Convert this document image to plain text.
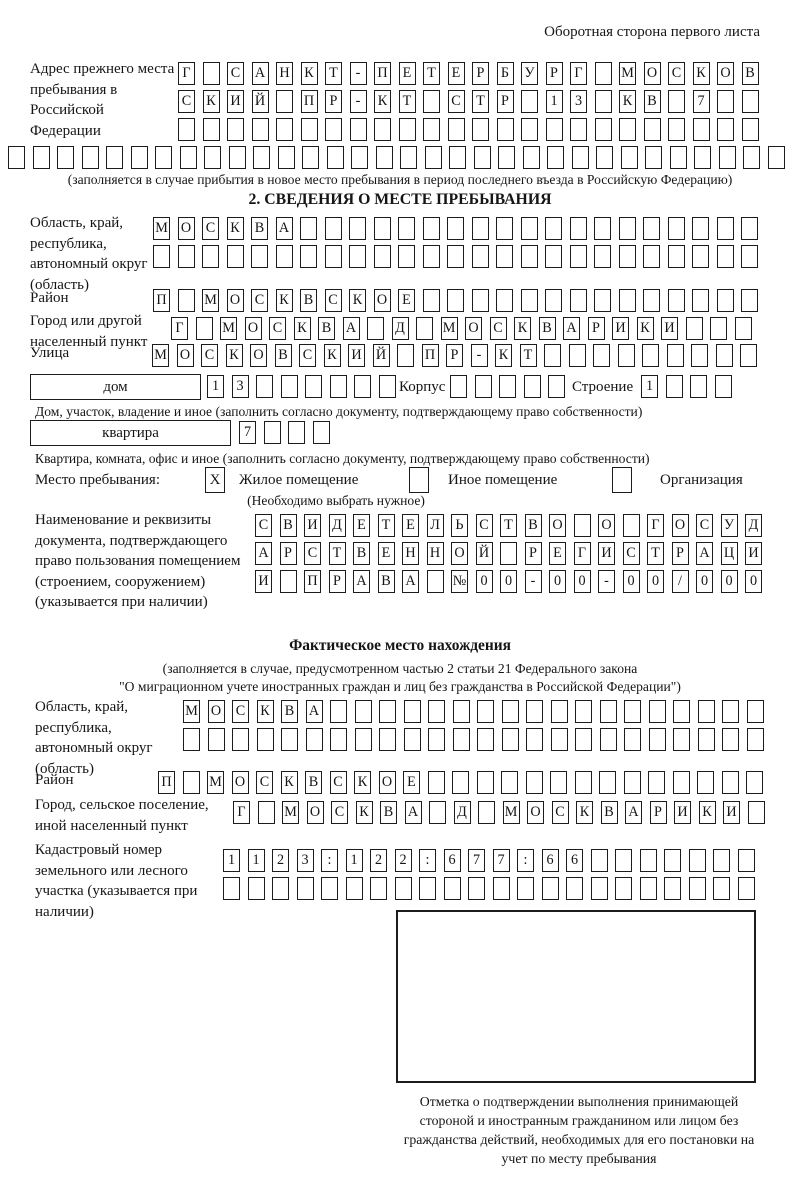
Оборотная сторона первого листа
Адрес прежнего места пребывания в Российской Федерации
Г	С А Н К Т	-	П Е Т Е	Р	Б	У	Р	Г	М О С К О В
С К И Й	П	Р	-	К Т	С Т	Р	1	3	К В	7
(заполняется в случае прибытия в новое место пребывания в период последнего въезда в Российскую Федерацию)
2. СВЕДЕНИЯ О МЕСТЕ ПРЕБЫВАНИЯ
Область, край, республика, автономный округ (область)
М О С К В А
Район	П	М О С К В С К О Е
Город или другой населенный пункт
Г	М О С К В А	Д	М О С К В А	Р	И К И
Улица	М О С К О В С К И Й	П	Р	-	К Т
дом	1	3	Корпус	Строение 1
Дом, участок, владение и иное (заполнить согласно документу, подтверждающему право собственности)
квартира	7
Квартира, комната, офис и иное (заполнить согласно документу, подтверждающему право собственности)
Место пребывания:	X	Жилое помещение	Иное помещение	Организация
(Необходимо выбрать нужное)
Наименование и реквизиты документа, подтверждающего право пользования помещением (строением, сооружением) (указывается при наличии)
С В И Д Е Т Е Л	Ь	С Т В О	О	Г	О С У Д
А	Р	С Т В Е Н Н О Й	Р	Е	Г	И С Т	Р	А Ц И
И	П	Р	А В А	№ 0	0	-	0	0	-	0	0	/	0	0	0
Фактическое место нахождения
(заполняется в случае, предусмотренном частью 2 статьи 21 Федерального закона
"О миграционном учете иностранных граждан и лиц без гражданства в Российской Федерации")
Область, край, республика, автономный округ (область)
М О С К В А
Район	П	М О С К В С К О Е
Город, сельское поселение, иной населенный пункт
Г	М О С К В А	Д	М О С К В А	Р	И К И
Кадастровый номер земельного или лесного участка (указывается при наличии)
1	1	2	3	:	1	2	2	:	6	7	7	:	6	6
Отметка о подтверждении выполнения принимающей стороной и иностранным гражданином или лицом без гражданства действий, необходимых для его постановки на учет по месту пребывания
